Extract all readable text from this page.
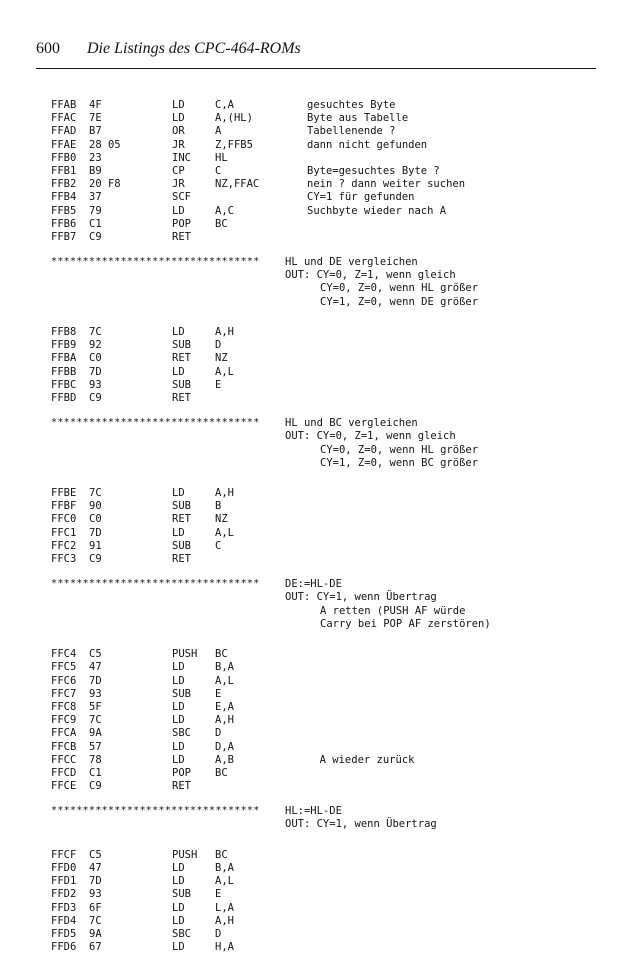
600 Die Listings des CPC-464-ROMs
FFAB 4F	LD	C,A	gesuchtes Byte
FFAC 7E	LD	A,(HL)	Byte aus Tabelle
FFAD B7	OR	A	Tabellenende ?
FFAE 28 05	JR	Z,FFB5	dann nicht gefunden
FFB0 23	INC HL
FFB1 B9	CP	C	Byte=gesuchtes Byte ?
FFB2 20 F8	JR	NZ,FFAC	nein ? dann weiter suchen
FFB4 37	SCF	CY=1 für gefunden
FFB5 79	LD	A,C	Suchbyte wieder nach A
FFB6 C1	POP BC
FFB7 C9	RET
********************************* HL und DE vergleichen
OUT: CY=0, Z=1, wenn gleich
CY=0, Z=0, wenn HL größer
CY=1, Z=0, wenn DE größer
FFB8 7C	LD	A,H
FFB9 92	SUB D
FFBA C0	RET NZ
FFBB 7D	LD	A,L
FFBC 93	SUB E
FFBD C9	RET
********************************* HL und BC vergleichen
OUT: CY=0, Z=1, wenn gleich
CY=0, Z=0, wenn HL größer
CY=1, Z=0, wenn BC größer
FFBE 7C	LD	A,H
FFBF 90	SUB B
FFC0 C0	RET NZ
FFC1 7D	LD	A,L
FFC2 91	SUB C
FFC3 C9	RET
********************************* DE:=HL-DE
OUT: CY=1, wenn Übertrag
A retten (PUSH AF würde
Carry bei POP AF zerstören)
FFC4 C5	PUSH BC
FFC5 47	LD	B,A
FFC6 7D	LD	A,L
FFC7 93	SUB E
FFC8 5F	LD	E,A
FFC9 7C	LD	A,H
FFCA 9A	SBC D
FFCB 57	LD	D,A
FFCC 78	LD	A,B	A wieder zurück
FFCD C1	POP BC
FFCE C9	RET
********************************* HL:=HL-DE
OUT: CY=1, wenn Übertrag
FFCF C5	PUSH BC
FFD0 47	LD	B,A
FFD1 7D	LD	A,L
FFD2 93	SUB E
FFD3 6F	LD	L,A
FFD4 7C	LD	A,H
FFD5 9A	SBC D
FFD6 67	LD	H,A
